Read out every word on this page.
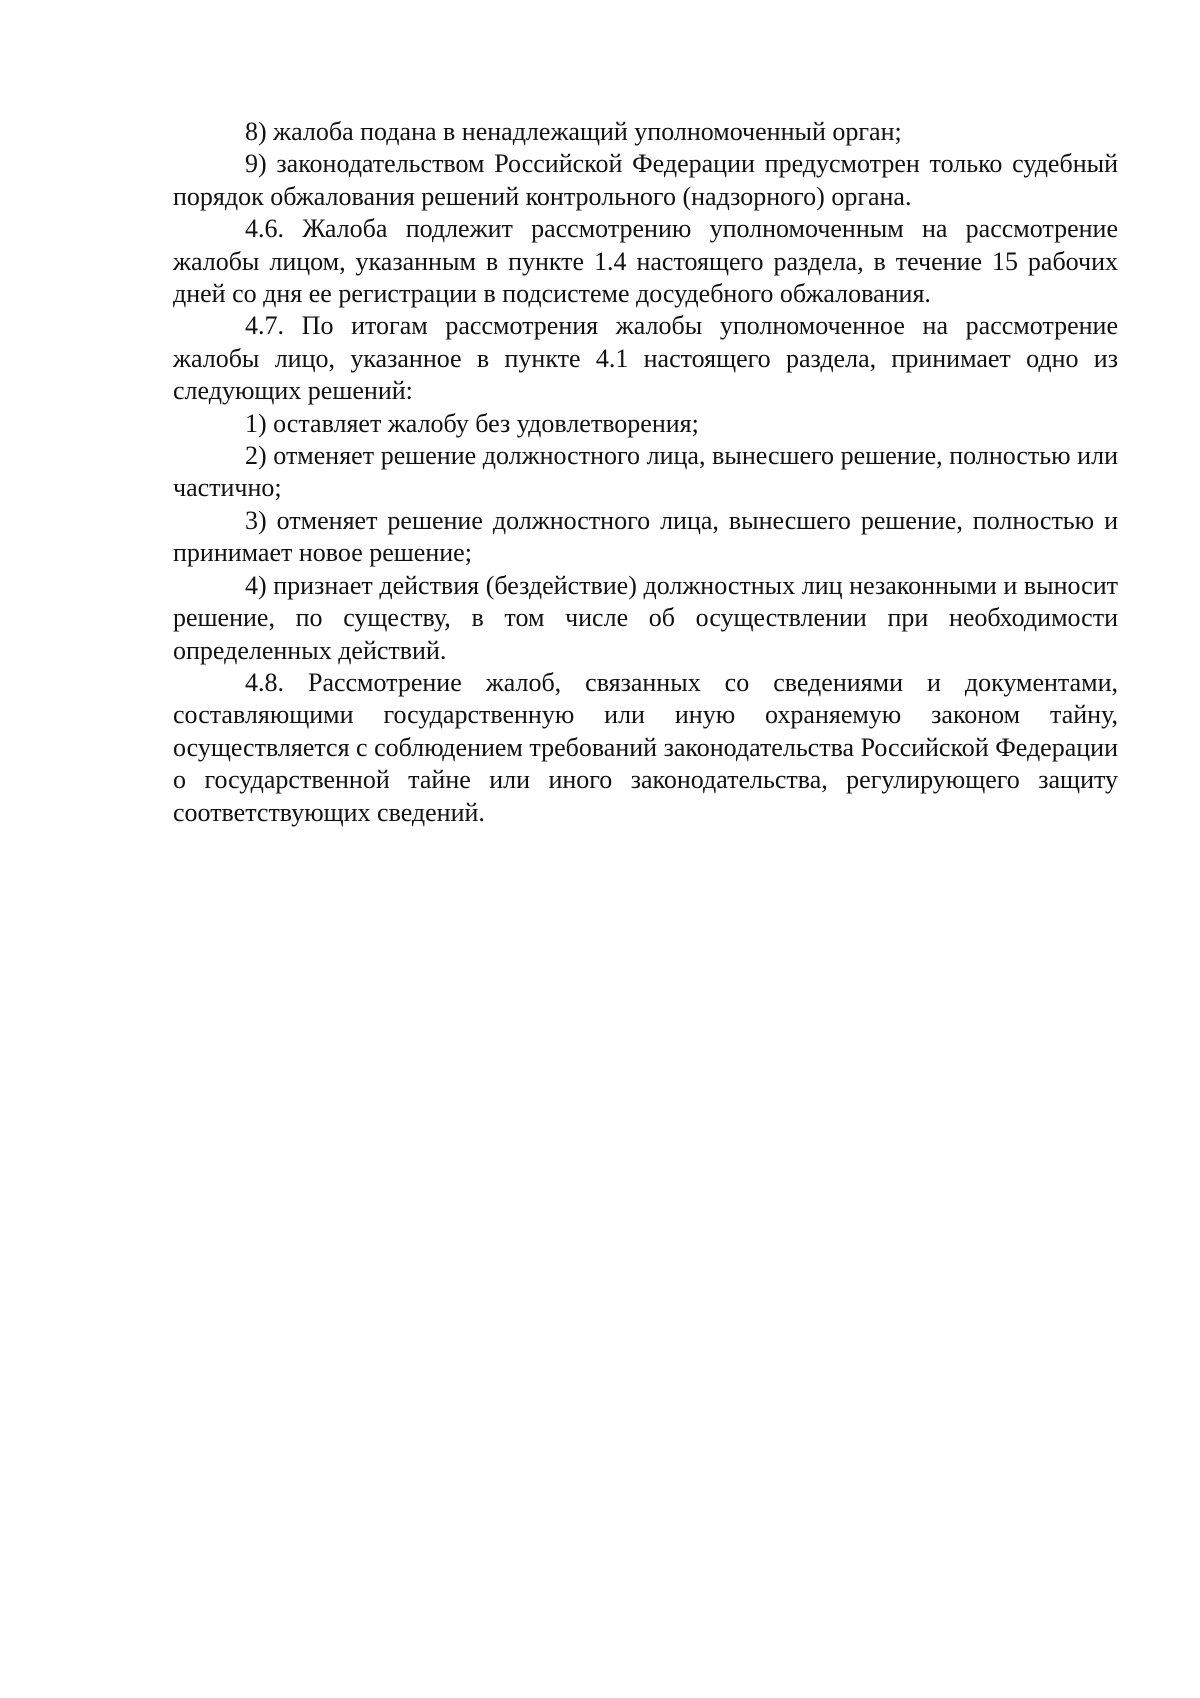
8) жалоба подана в ненадлежащий уполномоченный орган;

9) законодательством Российской Федерации предусмотрен только судебный порядок обжалования решений контрольного (надзорного) органа.

4.6. Жалоба подлежит рассмотрению уполномоченным на рассмотрение жалобы лицом, указанным в пункте 1.4 настоящего раздела, в течение 15 рабочих дней со дня ее регистрации в подсистеме досудебного обжалования.

4.7. По итогам рассмотрения жалобы уполномоченное на рассмотрение жалобы лицо, указанное в пункте 4.1 настоящего раздела, принимает одно из следующих решений:

1) оставляет жалобу без удовлетворения;

2) отменяет решение должностного лица, вынесшего решение, полностью или частично;

3) отменяет решение должностного лица, вынесшего решение, полностью и принимает новое решение;

4) признает действия (бездействие) должностных лиц незаконными и выносит решение, по существу, в том числе об осуществлении при необходимости определенных действий.

4.8. Рассмотрение жалоб, связанных со сведениями и документами, составляющими государственную или иную охраняемую законом тайну, осуществляется с соблюдением требований законодательства Российской Федерации о государственной тайне или иного законодательства, регулирующего защиту соответствующих сведений.
